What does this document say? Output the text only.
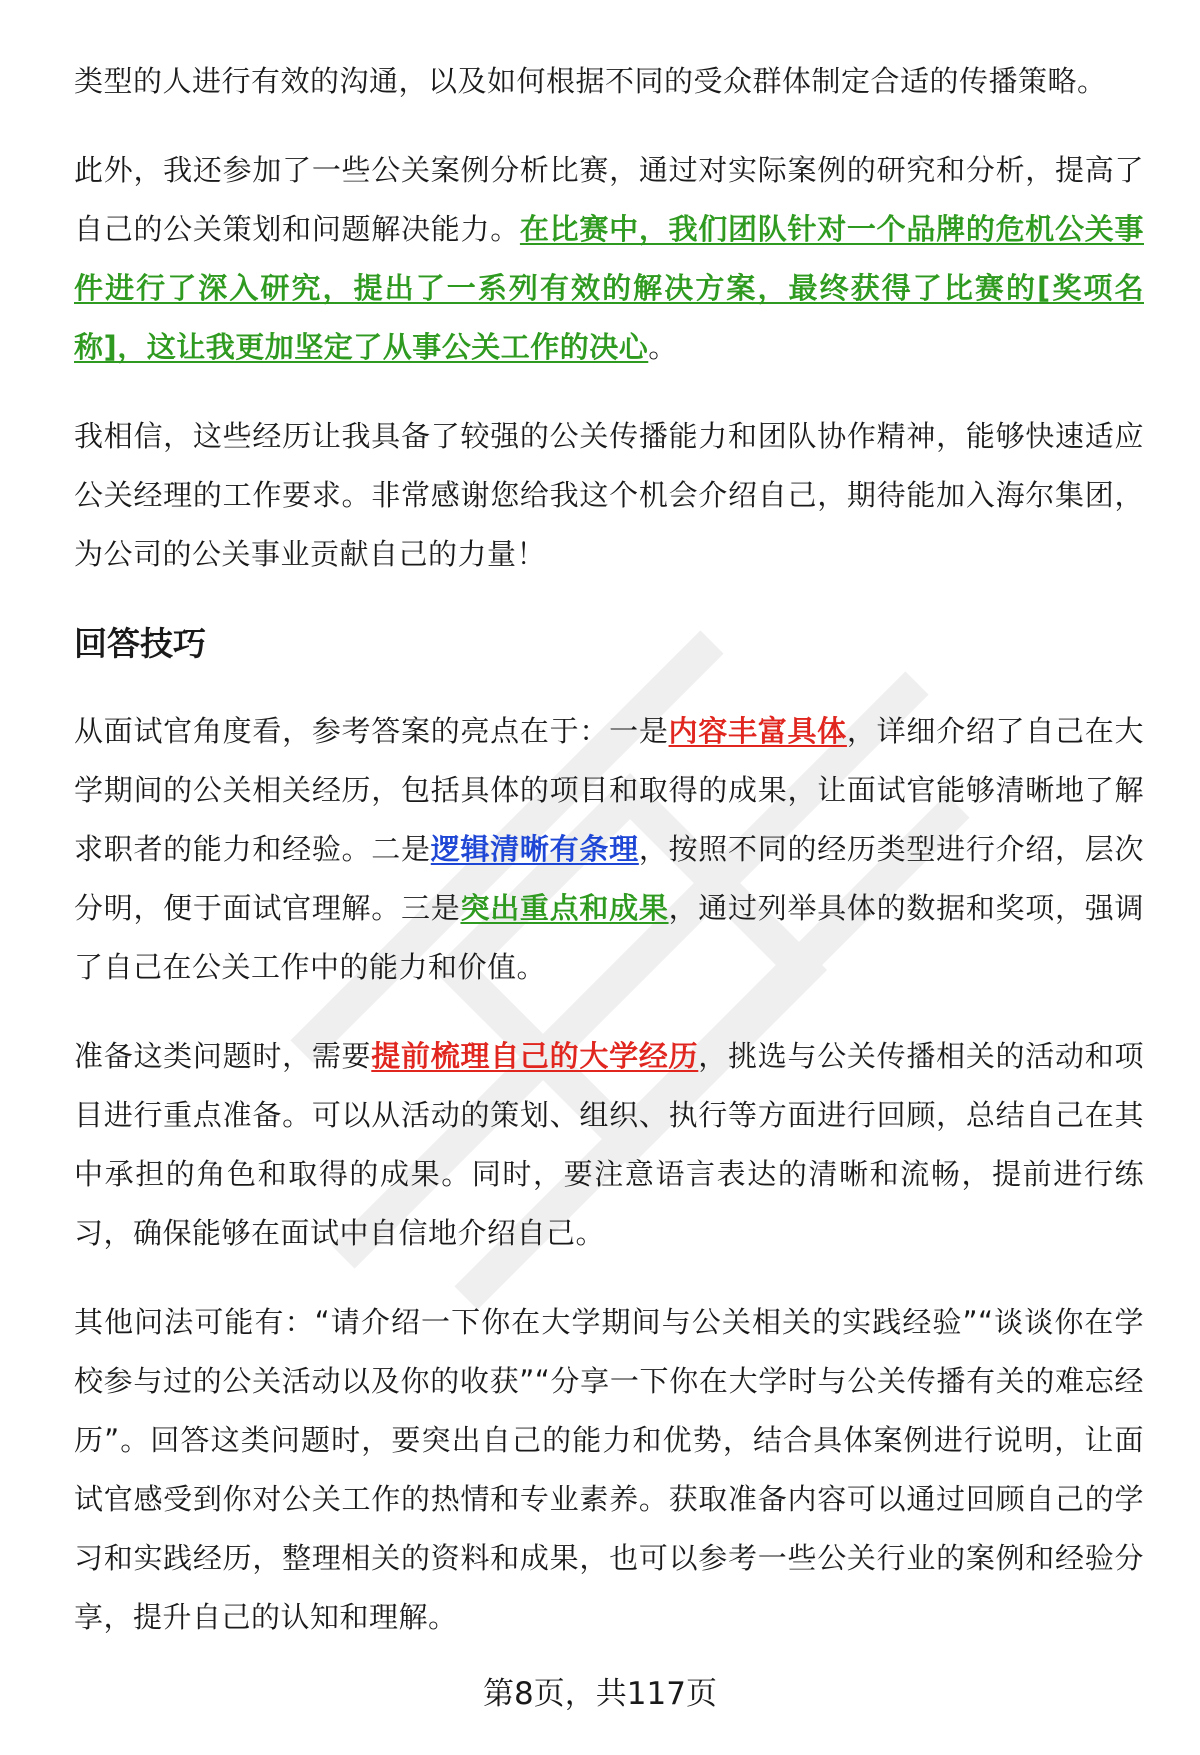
类型的人进行有效的沟通，以及如何根据不同的受众群体制定合适的传播策略。

此外，我还参加了一些公关案例分析比赛，通过对实际案例的研究和分析，提高了自己的公关策划和问题解决能力。在比赛中，我们团队针对一个品牌的危机公关事件进行了深入研究，提出了一系列有效的解决方案，最终获得了比赛的[奖项名称]，这让我更加坚定了从事公关工作的决心。

我相信，这些经历让我具备了较强的公关传播能力和团队协作精神，能够快速适应公关经理的工作要求。非常感谢您给我这个机会介绍自己，期待能加入海尔集团，为公司的公关事业贡献自己的力量！

回答技巧

从面试官角度看，参考答案的亮点在于：一是内容丰富具体，详细介绍了自己在大学期间的公关相关经历，包括具体的项目和取得的成果，让面试官能够清晰地了解求职者的能力和经验。二是逻辑清晰有条理，按照不同的经历类型进行介绍，层次分明，便于面试官理解。三是突出重点和成果，通过列举具体的数据和奖项，强调了自己在公关工作中的能力和价值。

准备这类问题时，需要提前梳理自己的大学经历，挑选与公关传播相关的活动和项目进行重点准备。可以从活动的策划、组织、执行等方面进行回顾，总结自己在其中承担的角色和取得的成果。同时，要注意语言表达的清晰和流畅，提前进行练习，确保能够在面试中自信地介绍自己。

其他问法可能有：“请介绍一下你在大学期间与公关相关的实践经验”“谈谈你在学校参与过的公关活动以及你的收获”“分享一下你在大学时与公关传播有关的难忘经历”。回答这类问题时，要突出自己的能力和优势，结合具体案例进行说明，让面试官感受到你对公关工作的热情和专业素养。获取准备内容可以通过回顾自己的学习和实践经历，整理相关的资料和成果，也可以参考一些公关行业的案例和经验分享，提升自己的认知和理解。

第8页，共117页
